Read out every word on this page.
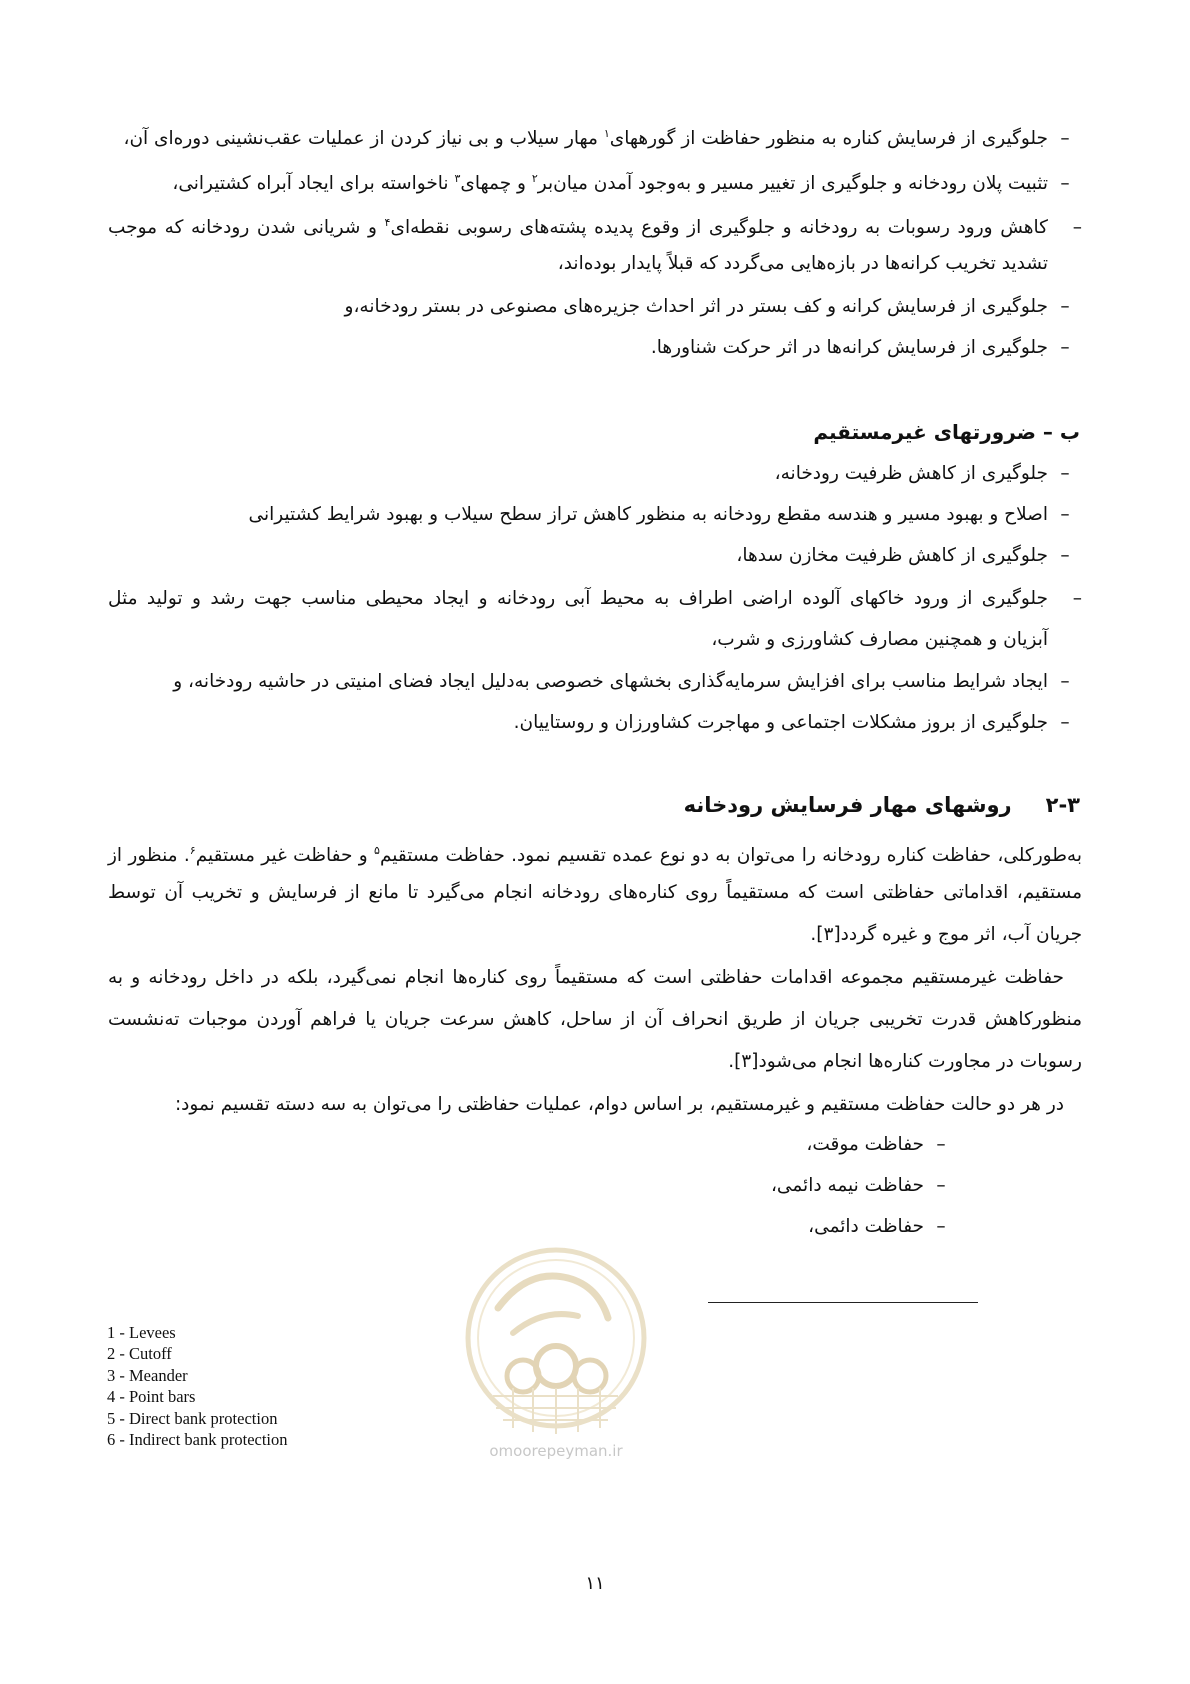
–جلوگیری از فرسایش کناره به منظور حفاظت از گورههای$^۱$ مهار سیلاب و بی نیاز کردن از عملیات عقب‌نشینی دوره‌ای آن،
–تثبیت پلان رودخانه و جلوگیری از تغییر مسیر و به‌وجود آمدن میان‌بر$^۲$ و چمهای$^۳$ ناخواسته برای ایجاد آبراه کشتیرانی،
–کاهش ورود رسوبات به رودخانه و جلوگیری از وقوع پدیده پشته‌های رسوبی نقطه‌ای$^۴$ و شریانی شدن رودخانه که موجب
تشدید تخریب کرانه‌ها در بازه‌هایی می‌گردد که قبلاً پایدار بوده‌اند،
–جلوگیری از فرسایش کرانه و کف بستر در اثر احداث جزیره‌های مصنوعی در بستر رودخانه،و
–جلوگیری از فرسایش کرانه‌ها در اثر حرکت شناورها.
ب – ضرورتهای غیرمستقیم
–جلوگیری از کاهش ظرفیت رودخانه،
–اصلاح و بهبود مسیر و هندسه مقطع رودخانه به منظور کاهش تراز سطح سیلاب و بهبود شرایط کشتیرانی
–جلوگیری از کاهش ظرفیت مخازن سدها،
–جلوگیری از ورود خاکهای آلوده اراضی اطراف به محیط آبی رودخانه و ایجاد محیطی مناسب جهت رشد و تولید مثل
آبزیان و همچنین مصارف کشاورزی و شرب،
–ایجاد شرایط مناسب برای افزایش سرمایه‌گذاری بخشهای خصوصی به‌دلیل ایجاد فضای امنیتی در حاشیه رودخانه، و
–جلوگیری از بروز مشکلات اجتماعی و مهاجرت کشاورزان و روستاییان.
۲-۳روشهای مهار فرسایش رودخانه
به‌طورکلی، حفاظت کناره رودخانه را می‌توان به دو نوع عمده تقسیم نمود. حفاظت مستقیم$^۵$ و حفاظت غیر مستقیم$^۶$. منظور از
مستقیم، اقداماتی حفاظتی است که مستقیماً روی کناره‌های رودخانه انجام می‌گیرد تا مانع از فرسایش و تخریب آن توسط
جریان آب، اثر موج و غیره گردد[۳].
حفاظت غیرمستقیم مجموعه اقدامات حفاظتی است که مستقیماً روی کناره‌ها انجام نمی‌گیرد، بلکه در داخل رودخانه و به
منظورکاهش قدرت تخریبی جریان از طریق انحراف آن از ساحل، کاهش سرعت جریان یا فراهم آوردن موجبات ته‌نشست
رسوبات در مجاورت کناره‌ها انجام می‌شود[۳].
در هر دو حالت حفاظت مستقیم و غیرمستقیم، بر اساس دوام، عملیات حفاظتی را می‌توان به سه دسته تقسیم نمود:
–حفاظت موقت،
–حفاظت نیمه دائمی،
–حفاظت دائمی،
omoorepeyman.ir
1 - Levees
2 - Cutoff
3 - Meander
4 - Point bars
5 - Direct bank protection
6 - Indirect bank protection
۱۱
